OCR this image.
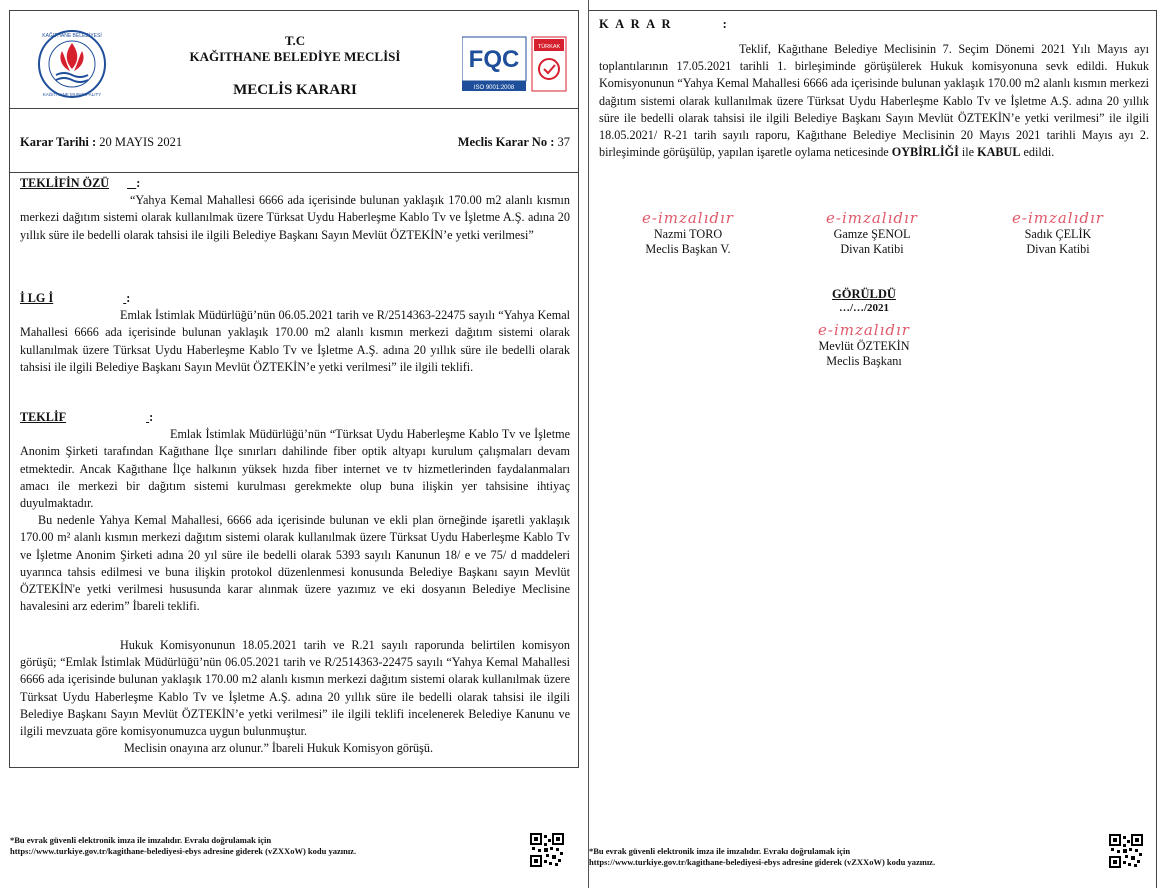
KAĞITHANE BELEDİYESİ
KAĞITHANE MUNICIPALITY
T.C
KAĞITHANE BELEDİYE MECLİSİ
MECLİS KARARI
FQC
ISO 9001:2008
TÜRKAK
Karar Tarihi : 20 MAYIS 2021	Meclis Karar No : 37
TEKLİFİN ÖZÜ :
“Yahya Kemal Mahallesi 6666 ada içerisinde bulunan yaklaşık 170.00 m2 alanlı kısmın merkezi dağıtım sistemi olarak kullanılmak üzere Türksat Uydu Haberleşme Kablo Tv ve İşletme A.Ş. adına 20 yıllık süre ile bedelli olarak tahsisi ile ilgili Belediye Başkanı Sayın Mevlüt ÖZTEKİN’e yetki verilmesi”
İ LG İ	:
Emlak İstimlak Müdürlüğü’nün 06.05.2021 tarih ve R/2514363-22475 sayılı “Yahya Kemal Mahallesi 6666 ada içerisinde bulunan yaklaşık 170.00 m2 alanlı kısmın merkezi dağıtım sistemi olarak kullanılmak üzere Türksat Uydu Haberleşme Kablo Tv ve İşletme A.Ş. adına 20 yıllık süre ile bedelli olarak tahsisi ile ilgili Belediye Başkanı Sayın Mevlüt ÖZTEKİN’e yetki verilmesi” ile ilgili teklifi.
TEKLİF	:
Emlak İstimlak Müdürlüğü’nün “Türksat Uydu Haberleşme Kablo Tv ve İşletme Anonim Şirketi tarafından Kağıthane İlçe sınırları dahilinde fiber optik altyapı kurulum çalışmaları devam etmektedir. Ancak Kağıthane İlçe halkının yüksek hızda fiber internet ve tv hizmetlerinden faydalanmaları amacı ile merkezi bir dağıtım sistemi kurulması gerekmekte olup buna ilişkin yer tahsisine ihtiyaç duyulmaktadır.
Bu nedenle Yahya Kemal Mahallesi, 6666 ada içerisinde bulunan ve ekli plan örneğinde işaretli yaklaşık 170.00 m² alanlı kısmın merkezi dağıtım sistemi olarak kullanılmak üzere Türksat Uydu Haberleşme Kablo Tv ve İşletme Anonim Şirketi adına 20 yıl süre ile bedelli olarak 5393 sayılı Kanunun 18/ e ve 75/ d maddeleri uyarınca tahsis edilmesi ve buna ilişkin protokol düzenlenmesi konusunda Belediye Başkanı sayın Mevlüt ÖZTEKİN'e yetki verilmesi hususunda karar alınmak üzere yazımız ve eki dosyanın Belediye Meclisine havalesini arz ederim” İbareli teklifi.
Hukuk Komisyonunun 18.05.2021 tarih ve R.21 sayılı raporunda belirtilen komisyon görüşü; “Emlak İstimlak Müdürlüğü’nün 06.05.2021 tarih ve R/2514363-22475 sayılı “Yahya Kemal Mahallesi 6666 ada içerisinde bulunan yaklaşık 170.00 m2 alanlı kısmın merkezi dağıtım sistemi olarak kullanılmak üzere Türksat Uydu Haberleşme Kablo Tv ve İşletme A.Ş. adına 20 yıllık süre ile bedelli olarak tahsisi ile ilgili Belediye Başkanı Sayın Mevlüt ÖZTEKİN’e yetki verilmesi” ile ilgili teklifi incelenerek Belediye Kanunu ve ilgili mevzuata göre komisyonumuzca uygun bulunmuştur.
Meclisin onayına arz olunur.” İbareli Hukuk Komisyon görüşü.
*Bu evrak güvenli elektronik imza ile imzalıdır. Evrakı doğrulamak için
https://www.turkiye.gov.tr/kagithane-belediyesi-ebys adresine giderek (vZXXoW) kodu yazınız.
K A R A R	:
Teklif, Kağıthane Belediye Meclisinin 7. Seçim Dönemi 2021 Yılı Mayıs ayı toplantılarının 17.05.2021 tarihli 1. birleşiminde görüşülerek Hukuk komisyonuna sevk edildi. Hukuk Komisyonunun “Yahya Kemal Mahallesi 6666 ada içerisinde bulunan yaklaşık 170.00 m2 alanlı kısmın merkezi dağıtım sistemi olarak kullanılmak üzere Türksat Uydu Haberleşme Kablo Tv ve İşletme A.Ş. adına 20 yıllık süre ile bedelli olarak tahsisi ile ilgili Belediye Başkanı Sayın Mevlüt ÖZTEKİN’e yetki verilmesi” ile ilgili 18.05.2021/ R-21 tarih sayılı raporu, Kağıthane Belediye Meclisinin 20 Mayıs 2021 tarihli Mayıs ayı 2. birleşiminde görüşülüp, yapılan işaretle oylama neticesinde OYBİRLİĞİ ile KABUL edildi.
e-imzalıdır
Nazmi TORO
Meclis Başkan V.
e-imzalıdır
Gamze ŞENOL
Divan Katibi
e-imzalıdır
Sadık ÇELİK
Divan Katibi
GÖRÜLDÜ
…/…/2021
e-imzalıdır
Mevlüt ÖZTEKİN
Meclis Başkanı
*Bu evrak güvenli elektronik imza ile imzalıdır. Evrakı doğrulamak için
https://www.turkiye.gov.tr/kagithane-belediyesi-ebys adresine giderek (vZXXoW) kodu yazınız.
